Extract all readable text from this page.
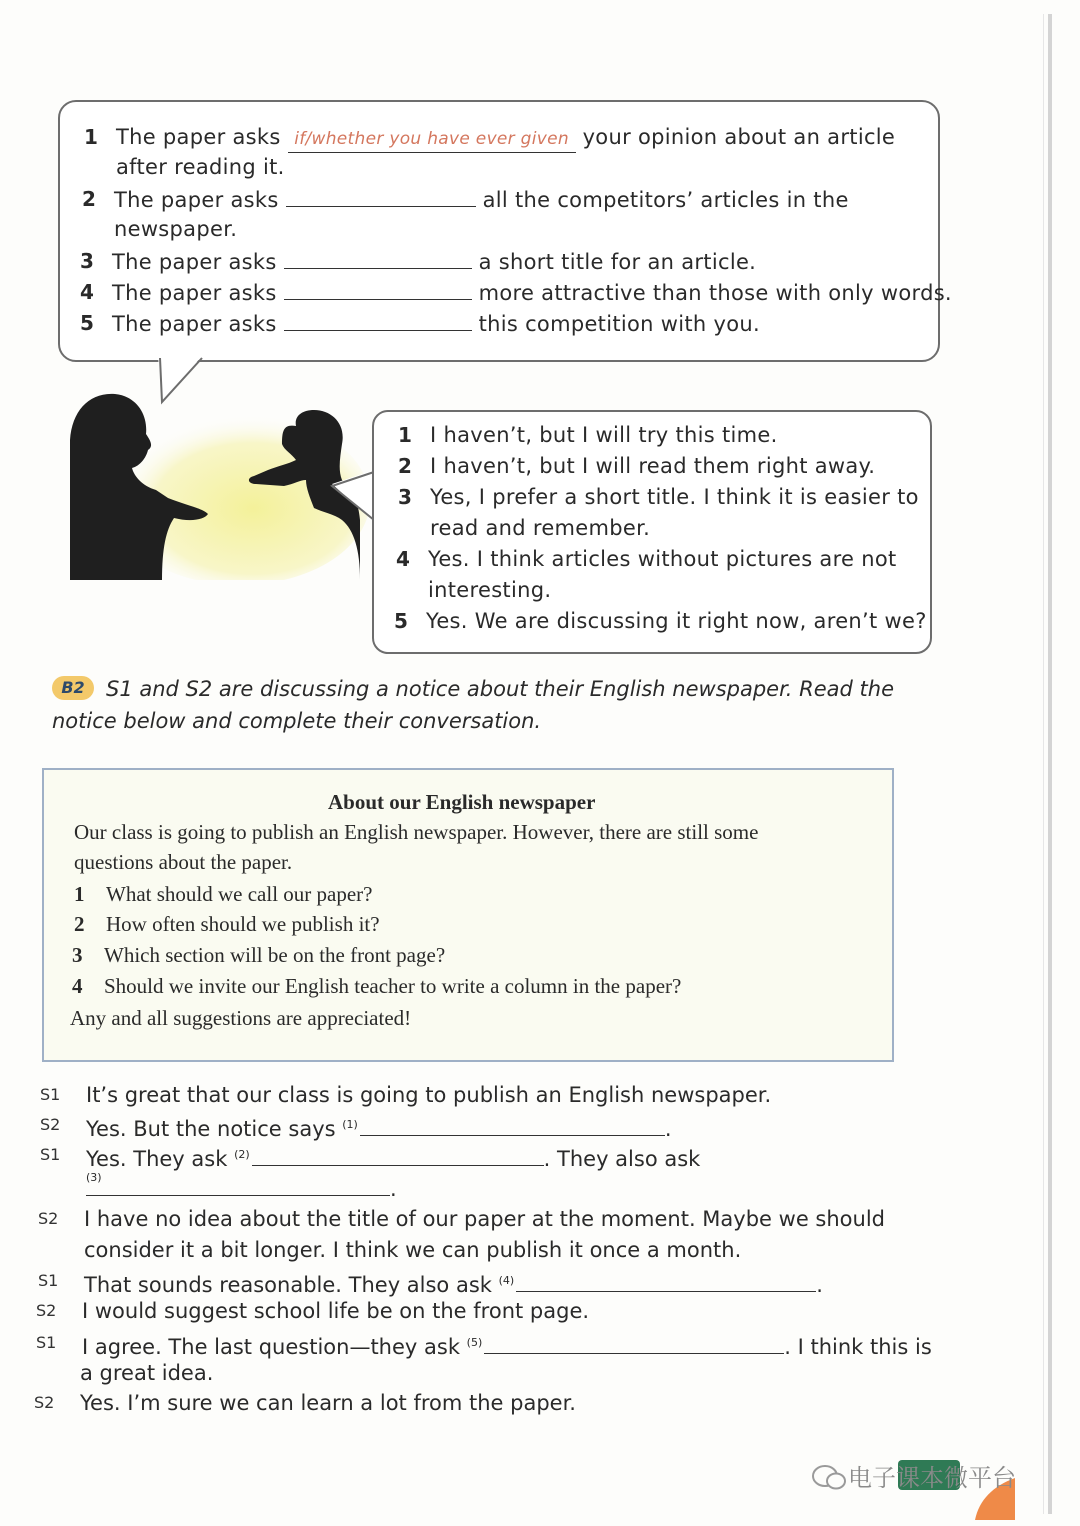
1 The paper asks if/whether you have ever given your opinion about an article
after reading it.
2 The paper asks	all the competitors’ articles in the
newspaper.
3 The paper asks	a short title for an article.
4 The paper asks	more attractive than those with only words.
5 The paper asks	this competition with you.
1 I haven’t, but I will try this time.
2 I haven’t, but I will read them right away.
3 Yes, I prefer a short title. I think it is easier to
read and remember.
4 Yes. I think articles without pictures are not
interesting.
5 Yes. We are discussing it right now, aren’t we?
B2	S1 and S2 are discussing a notice about their English newspaper. Read the
notice below and complete their conversation.
About our English newspaper
Our class is going to publish an English newspaper. However, there are still some
questions about the paper.
1 What should we call our paper?
2 How often should we publish it?
3 Which section will be on the front page?
4 Should we invite our English teacher to write a column in the paper?
Any and all suggestions are appreciated!
S1 It’s great that our class is going to publish an English newspaper.
S2 Yes. But the notice says $^{(1)}$	.
S1 Yes. They ask $^{(2)}$	. They also ask
(3)	.
S2 I have no idea about the title of our paper at the moment. Maybe we should
consider it a bit longer. I think we can publish it once a month.
S1 That sounds reasonable. They also ask $^{(4)}$	.
S2 I would suggest school life be on the front page.
S1 I agree. The last question—they ask $^{(5)}$	. I think this is
a great idea.
S2 Yes. I’m sure we can learn a lot from the paper.
电子课本微平台
